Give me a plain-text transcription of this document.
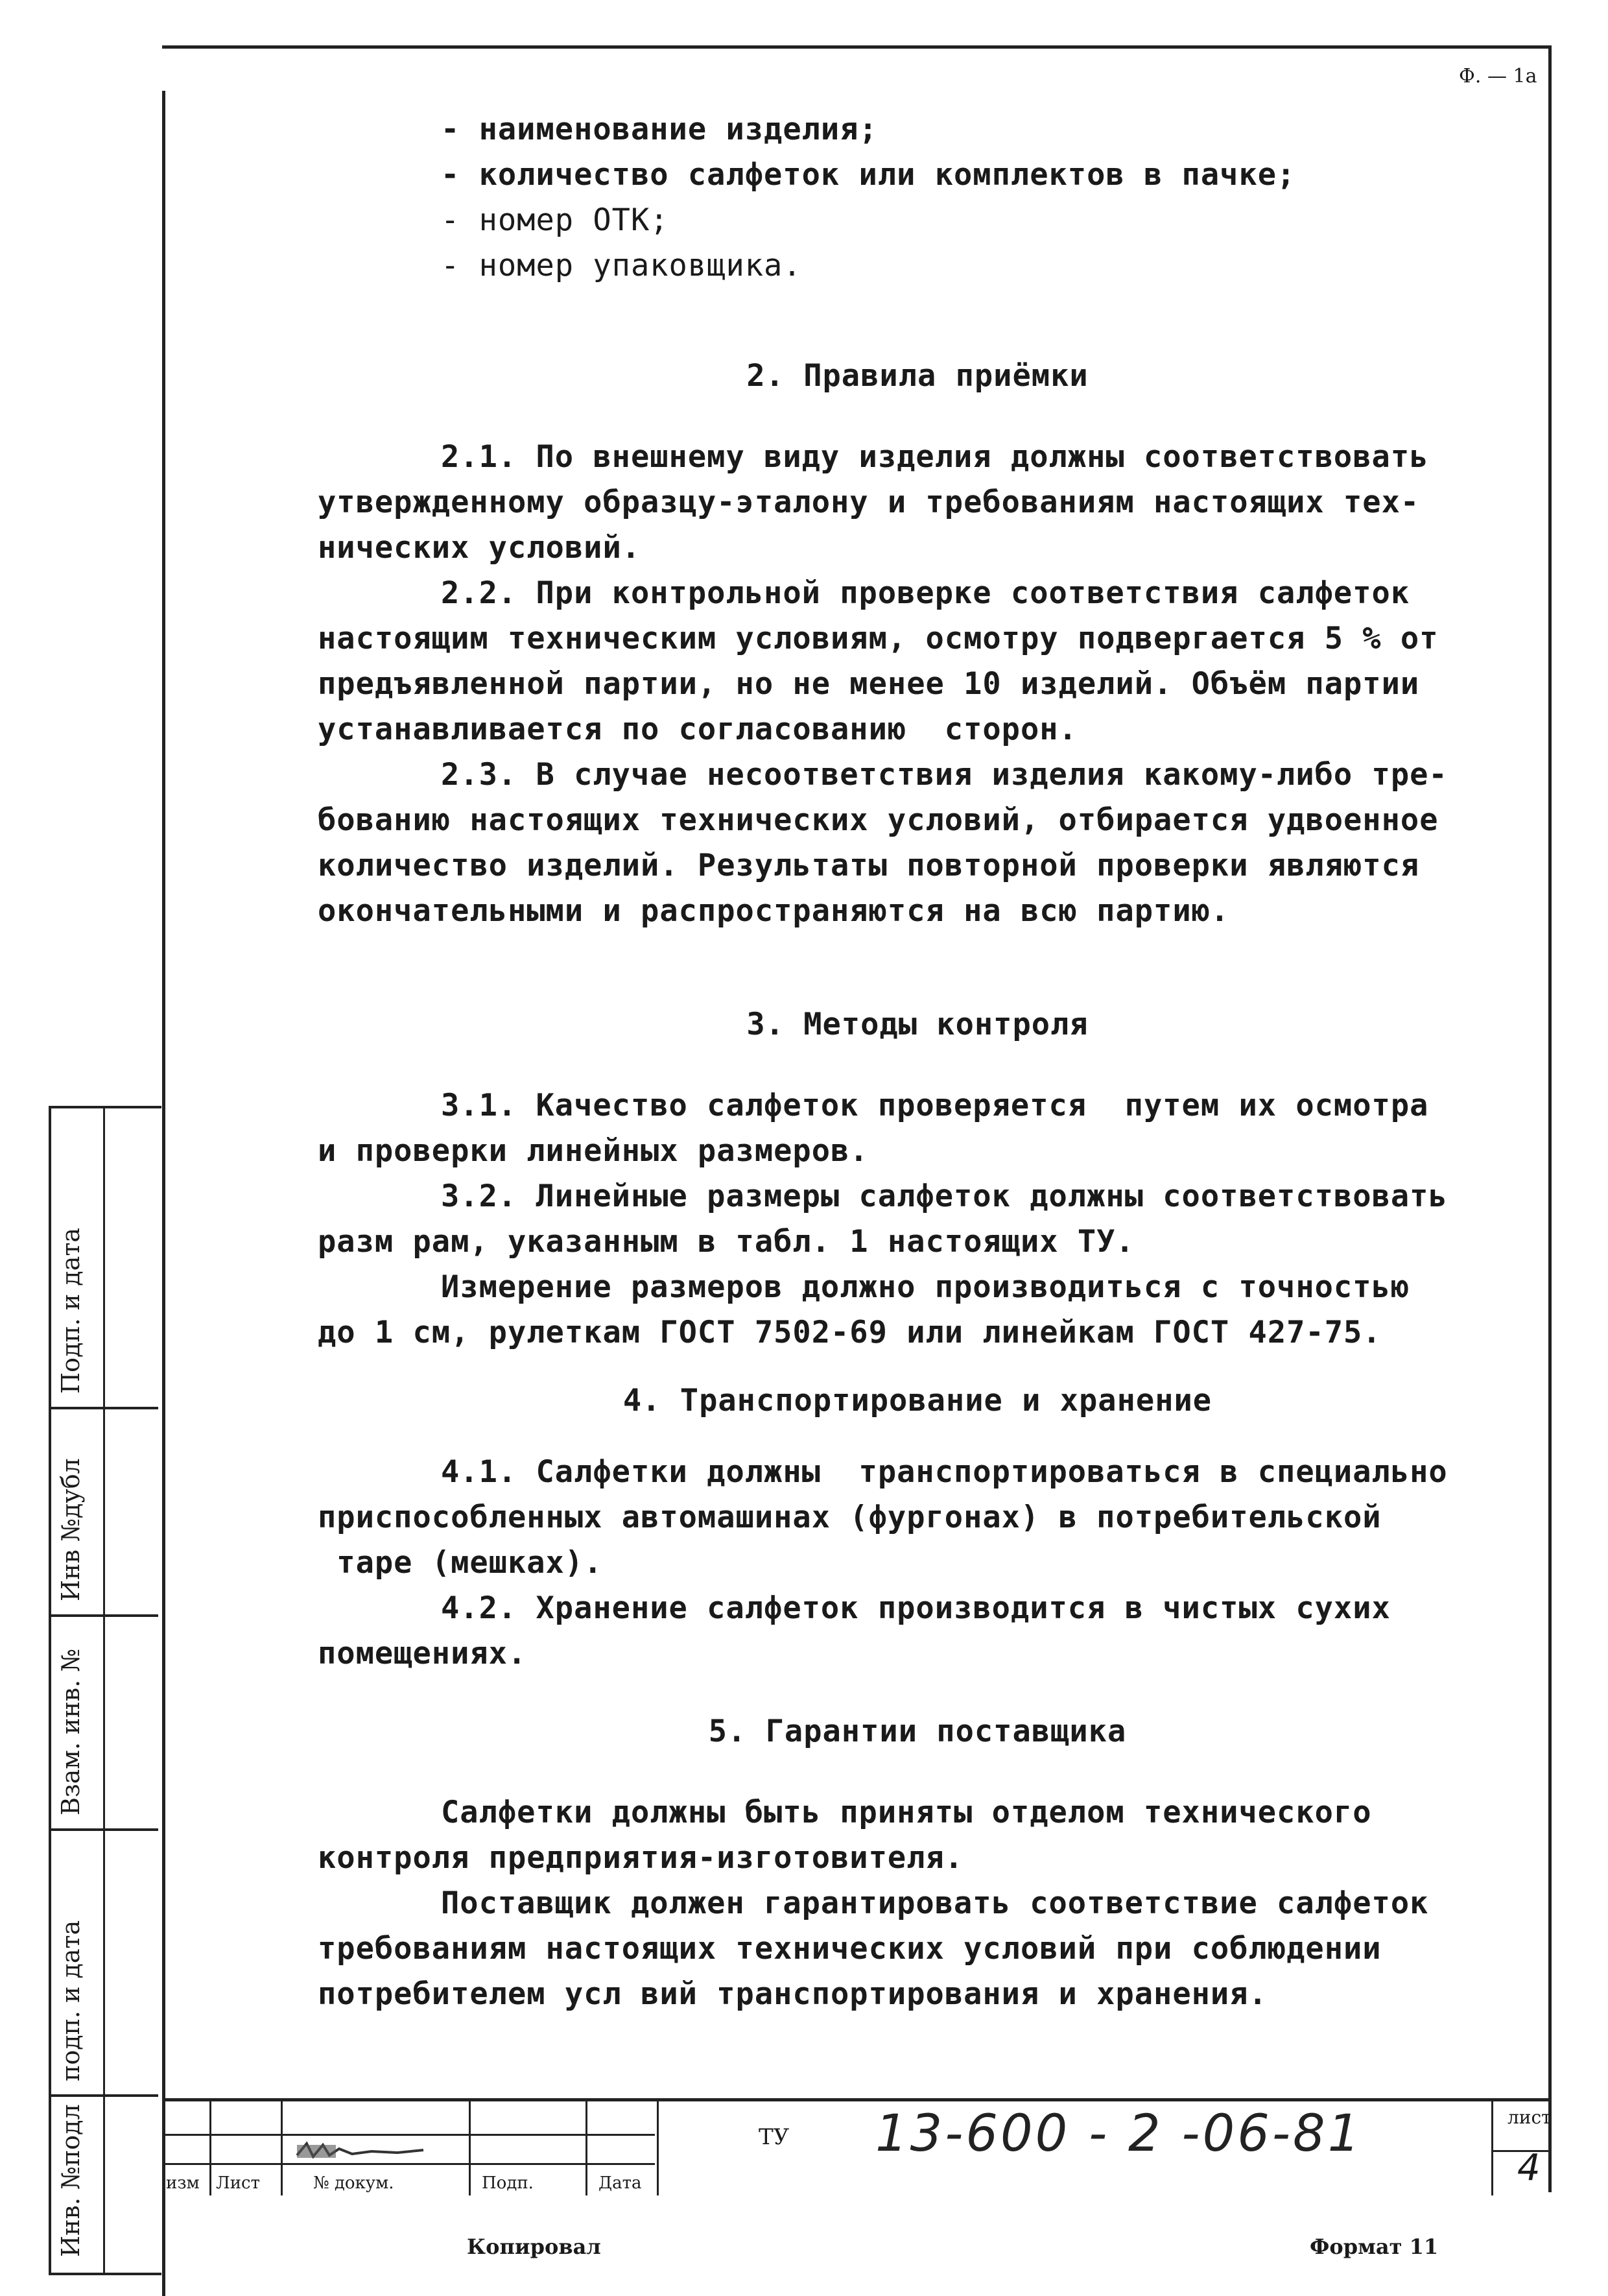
Ф. — 1а
- наименование изделия;
- количество салфеток или комплектов в пачке;
- номер ОТК;
- номер упаковщика.
2. Правила приёмки
2.1. По внешнему виду изделия должны соответствовать
утвержденному образцу-эталону и требованиям настоящих тех-
нических условий.
2.2. При контрольной проверке соответствия салфеток
настоящим техническим условиям, осмотру подвергается 5 % от
предъявленной партии, но не менее 10 изделий. Объём партии
устанавливается по согласованию  сторон.
2.3. В случае несоответствия изделия какому-либо тре-
бованию настоящих технических условий, отбирается удвоенное
количество изделий. Результаты повторной проверки являются
окончательными и распространяются на всю партию.
3. Методы контроля
3.1. Качество салфеток проверяется  путем их осмотра
и проверки линейных размеров.
3.2. Линейные размеры салфеток должны соответствовать
разм рам, указанным в табл. 1 настоящих ТУ.
Измерение размеров должно производиться с точностью
до 1 см, рулеткам ГОСТ 7502-69 или линейкам ГОСТ 427-75.
4. Транспортирование и хранение
4.1. Салфетки должны  транспортироваться в специально
приспособленных автомашинах (фургонах) в потребительской
таре (мешках).
4.2. Хранение салфеток производится в чистых сухих
помещениях.
5. Гарантии поставщика
Салфетки должны быть приняты отделом технического
контроля предприятия-изготовителя.
Поставщик должен гарантировать соответствие салфеток
требованиям настоящих технических условий при соблюдении
потребителем усл вий транспортирования и хранения.
Подп. и дата
Инв №дубл
Взам. инв. №
подп. и дата
Инв. №подл	изм Лист	№ докум.	Подп.	Дата
ТУ 13-600 - 2 -06-81	лист
4
Копировал	Формат 11
